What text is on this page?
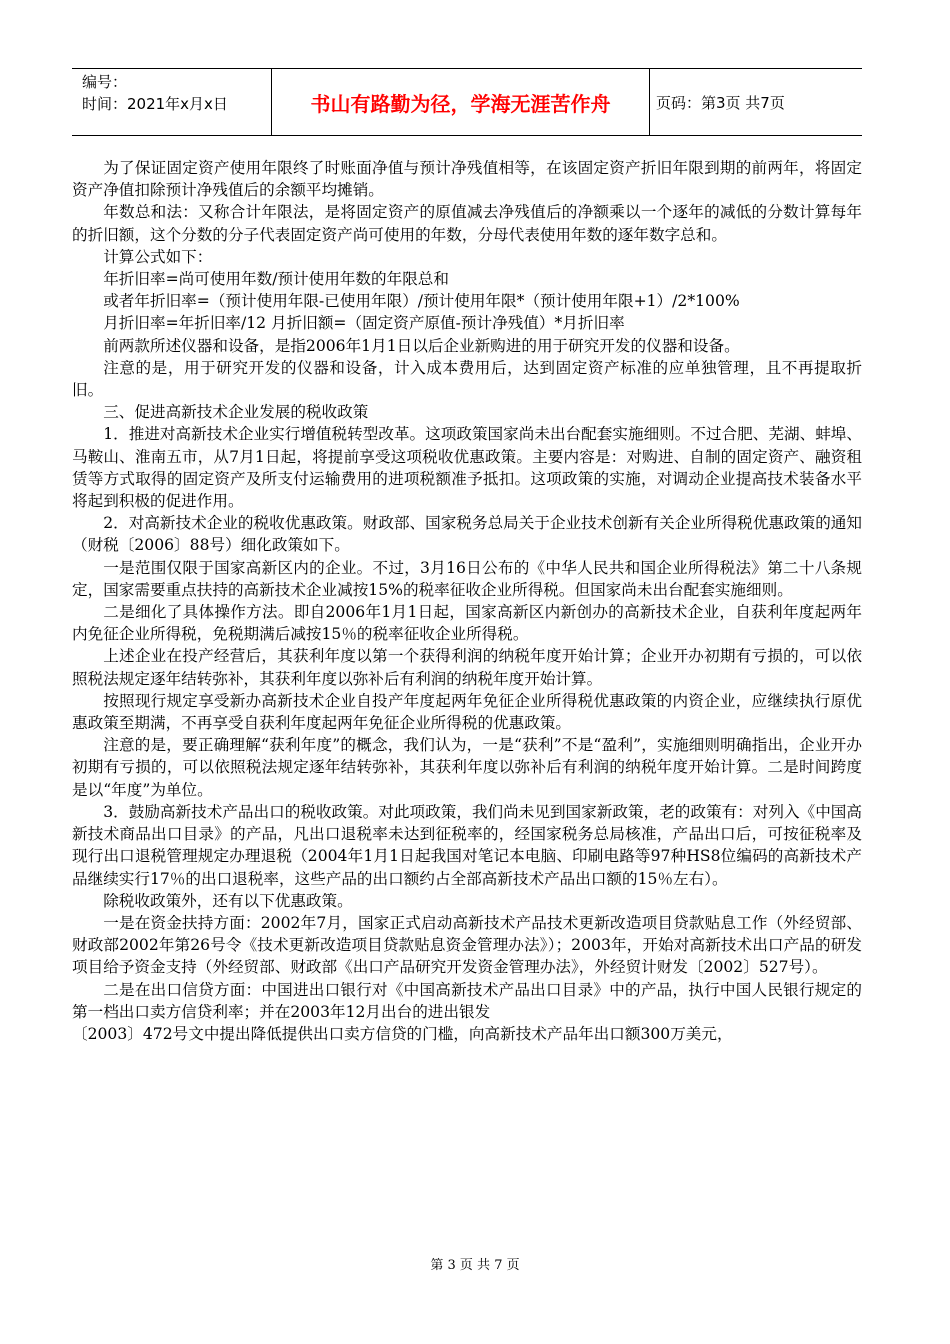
编号：
时间：2021年x月x日	书山有路勤为径，学海无涯苦作舟	页码：第3页 共7页

为了保证固定资产使用年限终了时账面净值与预计净残值相等，在该固定资产折旧年限到期的前两年，将固定资产净值扣除预计净残值后的余额平均摊销。

年数总和法：又称合计年限法，是将固定资产的原值减去净残值后的净额乘以一个逐年的减低的分数计算每年的折旧额，这个分数的分子代表固定资产尚可使用的年数，分母代表使用年数的逐年数字总和。

计算公式如下：

年折旧率=尚可使用年数/预计使用年数的年限总和

或者年折旧率=（预计使用年限-已使用年限）/预计使用年限*（预计使用年限+1）/2*100%

月折旧率=年折旧率/12 月折旧额=（固定资产原值-预计净残值）*月折旧率

前两款所述仪器和设备，是指2006年1月1日以后企业新购进的用于研究开发的仪器和设备。

注意的是，用于研究开发的仪器和设备，计入成本费用后，达到固定资产标准的应单独管理，且不再提取折旧。

三、促进高新技术企业发展的税收政策

1．推进对高新技术企业实行增值税转型改革。这项政策国家尚未出台配套实施细则。不过合肥、芜湖、蚌埠、马鞍山、淮南五市，从7月1日起，将提前享受这项税收优惠政策。主要内容是：对购进、自制的固定资产、融资租赁等方式取得的固定资产及所支付运输费用的进项税额准予抵扣。这项政策的实施，对调动企业提高技术装备水平将起到积极的促进作用。

2．对高新技术企业的税收优惠政策。财政部、国家税务总局关于企业技术创新有关企业所得税优惠政策的通知（财税〔2006〕88号）细化政策如下。

一是范围仅限于国家高新区内的企业。不过，3月16日公布的《中华人民共和国企业所得税法》第二十八条规定，国家需要重点扶持的高新技术企业减按15%的税率征收企业所得税。但国家尚未出台配套实施细则。

二是细化了具体操作方法。即自2006年1月1日起，国家高新区内新创办的高新技术企业，自获利年度起两年内免征企业所得税，免税期满后减按15％的税率征收企业所得税。

上述企业在投产经营后，其获利年度以第一个获得利润的纳税年度开始计算；企业开办初期有亏损的，可以依照税法规定逐年结转弥补，其获利年度以弥补后有利润的纳税年度开始计算。

按照现行规定享受新办高新技术企业自投产年度起两年免征企业所得税优惠政策的内资企业，应继续执行原优惠政策至期满，不再享受自获利年度起两年免征企业所得税的优惠政策。

注意的是，要正确理解“获利年度”的概念，我们认为，一是“获利”不是“盈利”，实施细则明确指出，企业开办初期有亏损的，可以依照税法规定逐年结转弥补，其获利年度以弥补后有利润的纳税年度开始计算。二是时间跨度是以“年度”为单位。

3．鼓励高新技术产品出口的税收政策。对此项政策，我们尚未见到国家新政策，老的政策有：对列入《中国高新技术商品出口目录》的产品，凡出口退税率未达到征税率的，经国家税务总局核准，产品出口后，可按征税率及现行出口退税管理规定办理退税（2004年1月1日起我国对笔记本电脑、印刷电路等97种HS8位编码的高新技术产品继续实行17％的出口退税率，这些产品的出口额约占全部高新技术产品出口额的15％左右）。

除税收政策外，还有以下优惠政策。

一是在资金扶持方面：2002年7月，国家正式启动高新技术产品技术更新改造项目贷款贴息工作（外经贸部、财政部2002年第26号令《技术更新改造项目贷款贴息资金管理办法》）；2003年，开始对高新技术出口产品的研发项目给予资金支持（外经贸部、财政部《出口产品研究开发资金管理办法》，外经贸计财发〔2002〕527号）。

二是在出口信贷方面：中国进出口银行对《中国高新技术产品出口目录》中的产品，执行中国人民银行规定的第一档出口卖方信贷利率；并在2003年12月出台的进出银发

〔2003〕472号文中提出降低提供出口卖方信贷的门槛，向高新技术产品年出口额300万美元，

第 3 页 共 7 页
